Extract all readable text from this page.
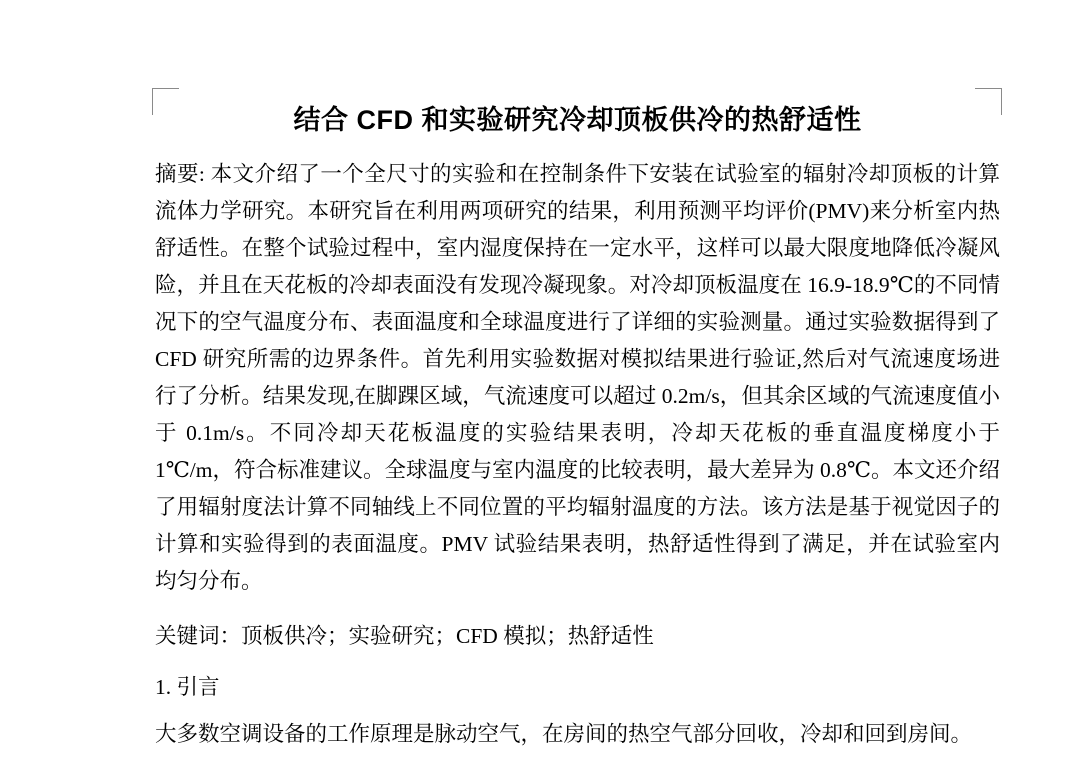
结合 CFD 和实验研究冷却顶板供冷的热舒适性

摘要: 本文介绍了一个全尺寸的实验和在控制条件下安装在试验室的辐射冷却顶板的计算流体力学研究。本研究旨在利用两项研究的结果，利用预测平均评价(PMV)来分析室内热舒适性。在整个试验过程中，室内湿度保持在一定水平，这样可以最大限度地降低冷凝风险，并且在天花板的冷却表面没有发现冷凝现象。对冷却顶板温度在 16.9-18.9℃的不同情况下的空气温度分布、表面温度和全球温度进行了详细的实验测量。通过实验数据得到了 CFD 研究所需的边界条件。首先利用实验数据对模拟结果进行验证,然后对气流速度场进行了分析。结果发现,在脚踝区域，气流速度可以超过 0.2m/s，但其余区域的气流速度值小于 0.1m/s。不同冷却天花板温度的实验结果表明，冷却天花板的垂直温度梯度小于 1℃/m，符合标准建议。全球温度与室内温度的比较表明，最大差异为 0.8℃。本文还介绍了用辐射度法计算不同轴线上不同位置的平均辐射温度的方法。该方法是基于视觉因子的计算和实验得到的表面温度。PMV 试验结果表明，热舒适性得到了满足，并在试验室内均匀分布。

关键词：顶板供冷；实验研究；CFD 模拟；热舒适性

1. 引言

大多数空调设备的工作原理是脉动空气，在房间的热空气部分回收，冷却和回到房间。
